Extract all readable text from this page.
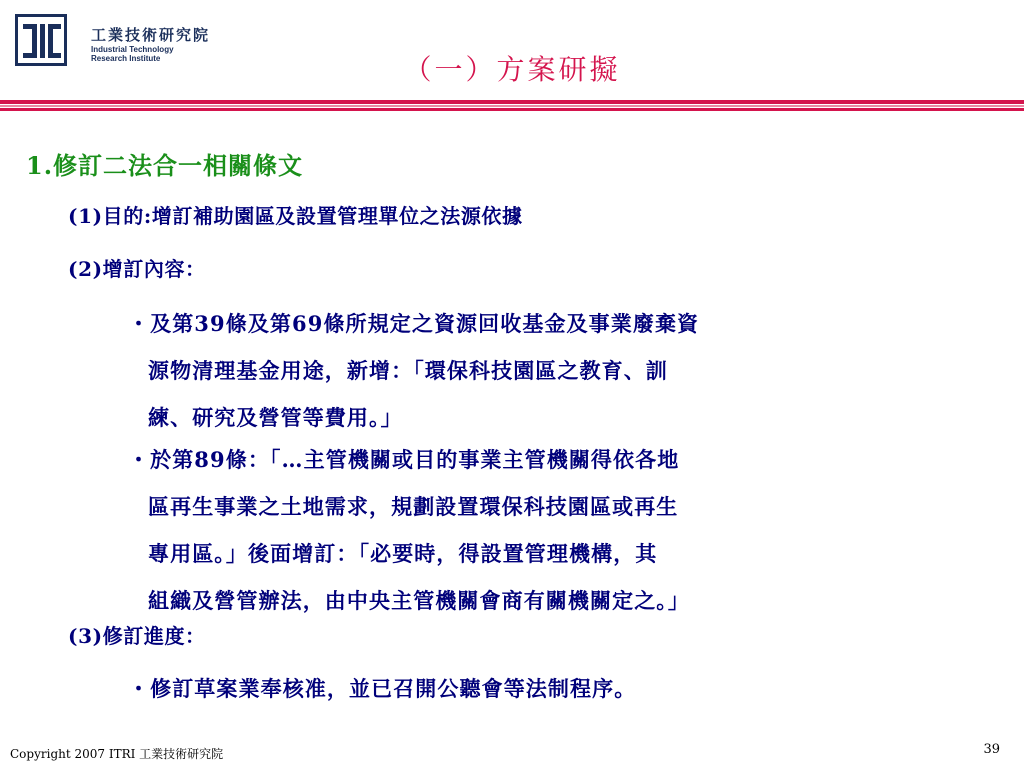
工業技術研究院
Industrial Technology
Research Institute	（一）方案研擬
1.修訂二法合一相關條文
(1)目的:增訂補助園區及設置管理單位之法源依據
(2)增訂內容：
・及第39條及第69條所規定之資源回收基金及事業廢棄資
源物清理基金用途，新增：「環保科技園區之教育、訓
練、研究及營管等費用。」
・於第89條：「…主管機關或目的事業主管機關得依各地
區再生事業之土地需求，規劃設置環保科技園區或再生
專用區。」後面增訂：「必要時，得設置管理機構，其
組織及營管辦法，由中央主管機關會商有關機關定之。」
(3)修訂進度：
・修訂草案業奉核准，並已召開公聽會等法制程序。
Copyright 2007 ITRI 工業技術研究院	39
